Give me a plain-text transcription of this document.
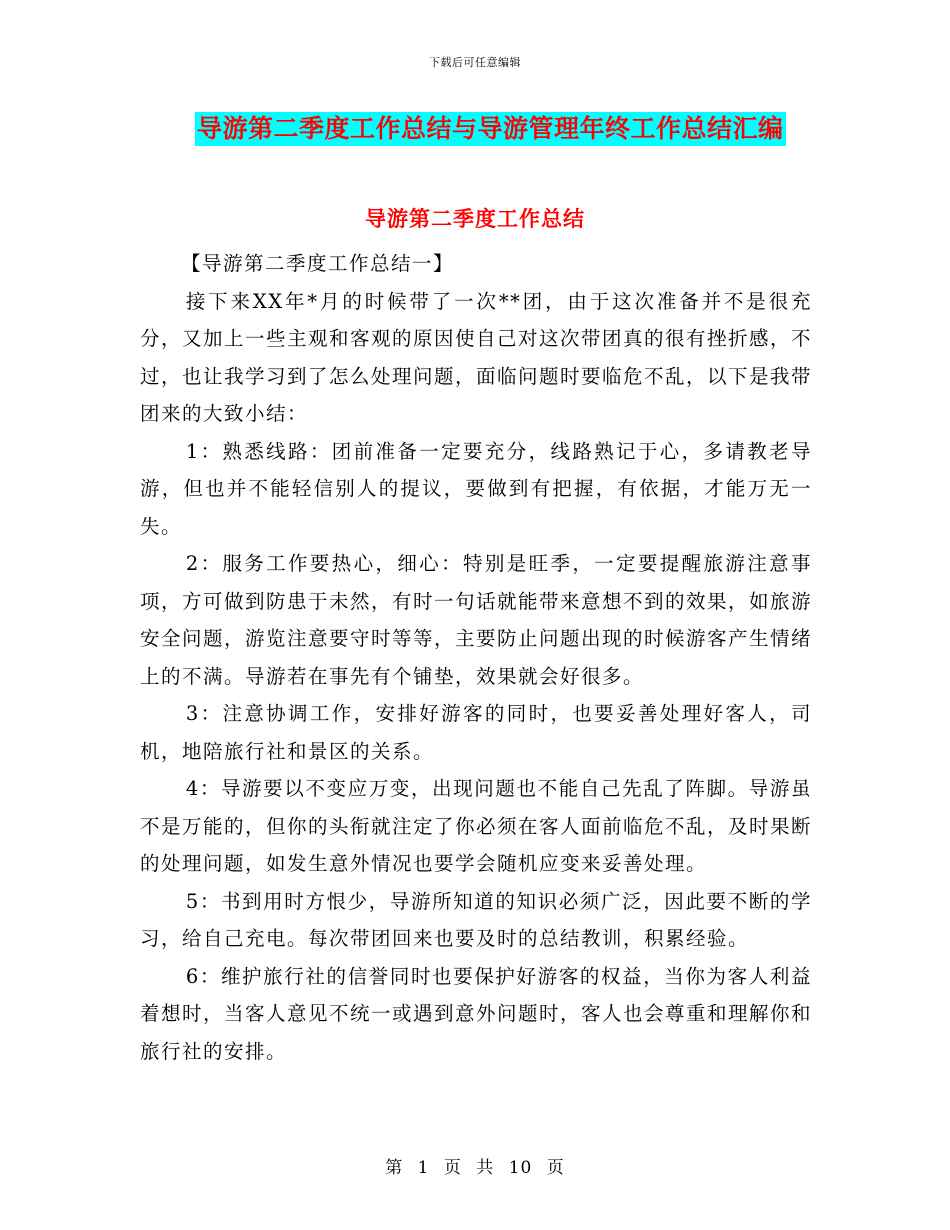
下载后可任意编辑
导游第二季度工作总结与导游管理年终工作总结汇编
导游第二季度工作总结

【导游第二季度工作总结一】

接下来XX年*月的时候带了一次**团，由于这次准备并不是很充分，又加上一些主观和客观的原因使自己对这次带团真的很有挫折感，不过，也让我学习到了怎么处理问题，面临问题时要临危不乱，以下是我带团来的大致小结：

1：熟悉线路：团前准备一定要充分，线路熟记于心，多请教老导游，但也并不能轻信别人的提议，要做到有把握，有依据，才能万无一失。

2：服务工作要热心，细心：特别是旺季，一定要提醒旅游注意事项，方可做到防患于未然，有时一句话就能带来意想不到的效果，如旅游安全问题，游览注意要守时等等，主要防止问题出现的时候游客产生情绪上的不满。导游若在事先有个铺垫，效果就会好很多。

3：注意协调工作，安排好游客的同时，也要妥善处理好客人，司机，地陪旅行社和景区的关系。

4：导游要以不变应万变，出现问题也不能自己先乱了阵脚。导游虽不是万能的，但你的头衔就注定了你必须在客人面前临危不乱，及时果断的处理问题，如发生意外情况也要学会随机应变来妥善处理。

5：书到用时方恨少，导游所知道的知识必须广泛，因此要不断的学习，给自己充电。每次带团回来也要及时的总结教训，积累经验。

6：维护旅行社的信誉同时也要保护好游客的权益，当你为客人利益着想时，当客人意见不统一或遇到意外问题时，客人也会尊重和理解你和旅行社的安排。

第 1 页 共 10 页
